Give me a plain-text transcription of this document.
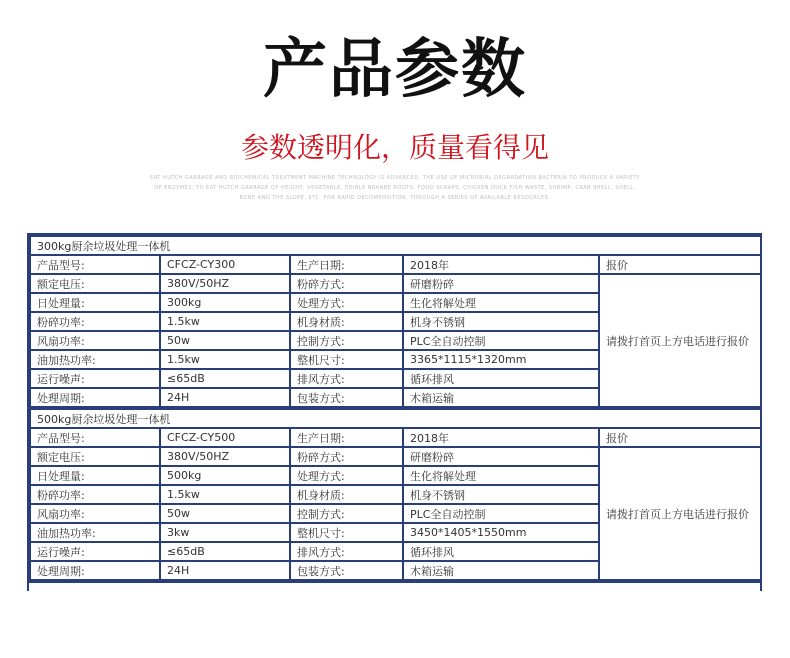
产品参数
参数透明化，质量看得见
EAT HUTCH GARBAGE AND BIOCHEMICAL TREATMENT MACHINE TECHNOLOGY IS ADVANCED. THE USE OF MICROBIAL DEGRADATION BACTERIA TO PRODUCE A VARIETY
OF ENZYMES, TO EAT HUTCH GARBAGE OF HEIGHT, VEGETABLE, EDIBLE BRANBE ROOTS, FOOD SCRAPS, CHICKEN DUCK FISH WASTE, SHRIMP, CRAB SHELL, SHELL,
BONE AND THE SLOPE, ETC. FOR RAPID DECOMPOSITION, THROUGH A SERIES OF AVAILABLE RESOURCES.
300kg厨余垃圾处理一体机				
产品型号:	CFCZ-CY300	生产日期:	2018年	报价
额定电压:	380V/50HZ	粉碎方式:	研磨粉碎	请拨打首页上方电话进行报价
日处理量:	300kg	处理方式:	生化将解处理	
粉碎功率:	1.5kw	机身材质:	机身不锈钢	
风扇功率:	50w	控制方式:	PLC全自动控制	
油加热功率:	1.5kw	整机尺寸:	3365*1115*1320mm	
运行噪声:	≤65dB	排风方式:	循环排风	
处理周期:	24H	包装方式:	木箱运输	
500kg厨余垃圾处理一体机				
产品型号:	CFCZ-CY500	生产日期:	2018年	报价
额定电压:	380V/50HZ	粉碎方式:	研磨粉碎	请拨打首页上方电话进行报价
日处理量:	500kg	处理方式:	生化将解处理	
粉碎功率:	1.5kw	机身材质:	机身不锈钢	
风扇功率:	50w	控制方式:	PLC全自动控制	
油加热功率:	3kw	整机尺寸:	3450*1405*1550mm	
运行噪声:	≤65dB	排风方式:	循环排风	
处理周期:	24H	包装方式:	木箱运输	
